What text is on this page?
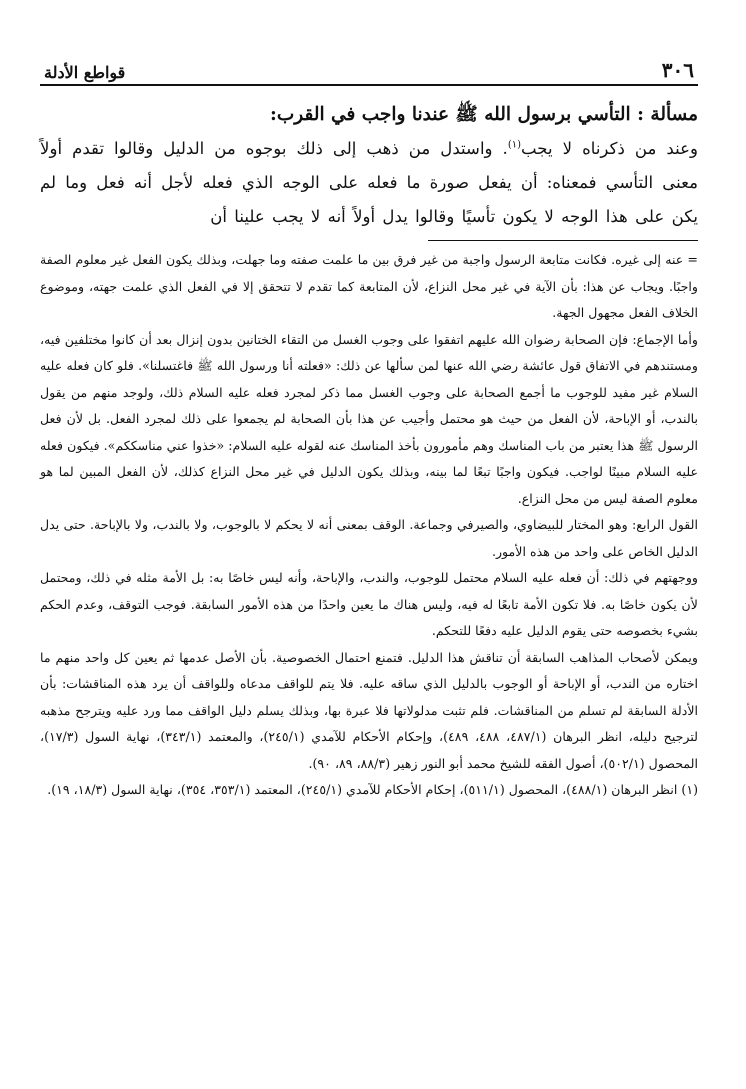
٣٠٦
قواطع الأدلة
مسألة : التأسي برسول الله ﷺ عندنا واجب في القرب:

وعند من ذكرناه لا يجب$^{(١)}$. واستدل من ذهب إلى ذلك بوجوه من الدليل وقالوا تقدم أولاً معنى التأسي فمعناه: أن يفعل صورة ما فعله على الوجه الذي فعله لأجل أنه فعل وما لم يكن على هذا الوجه لا يكون تأسيًا وقالوا يدل أولاً أنه لا يجب علينا أن

= عنه إلى غيره. فكانت متابعة الرسول واجبة من غير فرق بين ما علمت صفته وما جهلت، وبذلك يكون الفعل غير معلوم الصفة واجبًا. ويجاب عن هذا: بأن الآية في غير محل النزاع، لأن المتابعة كما تقدم لا تتحقق إلا في الفعل الذي علمت جهته، وموضوع الخلاف الفعل مجهول الجهة.

وأما الإجماع: فإن الصحابة رضوان الله عليهم اتفقوا على وجوب الغسل من التقاء الختانين بدون إنزال بعد أن كانوا مختلفين فيه، ومستندهم في الاتفاق قول عائشة رضي الله عنها لمن سألها عن ذلك: «فعلته أنا ورسول الله ﷺ فاغتسلنا». فلو كان فعله عليه السلام غير مفيد للوجوب ما أجمع الصحابة على وجوب الغسل مما ذكر لمجرد فعله عليه السلام ذلك، ولوجد منهم من يقول بالندب، أو الإباحة، لأن الفعل من حيث هو محتمل وأجيب عن هذا بأن الصحابة لم يجمعوا على ذلك لمجرد الفعل. بل لأن فعل الرسول ﷺ هذا يعتبر من باب المناسك وهم مأمورون بأخذ المناسك عنه لقوله عليه السلام: «خذوا عني مناسككم». فيكون فعله عليه السلام مبينًا لواجب. فيكون واجبًا تبعًا لما بينه، وبذلك يكون الدليل في غير محل النزاع كذلك، لأن الفعل المبين لما هو معلوم الصفة ليس من محل النزاع.

القول الرابع: وهو المختار للبيضاوي، والصيرفي وجماعة. الوقف بمعنى أنه لا يحكم لا بالوجوب، ولا بالندب، ولا بالإباحة. حتى يدل الدليل الخاص على واحد من هذه الأمور.

ووجهتهم في ذلك: أن فعله عليه السلام محتمل للوجوب، والندب، والإباحة، وأنه ليس خاصًا به: بل الأمة مثله في ذلك، ومحتمل لأن يكون خاصًا به. فلا تكون الأمة تابعًا له فيه، وليس هناك ما يعين واحدًا من هذه الأمور السابقة. فوجب التوقف، وعدم الحكم بشيء بخصوصه حتى يقوم الدليل عليه دفعًا للتحكم.

ويمكن لأصحاب المذاهب السابقة أن تناقش هذا الدليل. فتمنع احتمال الخصوصية. بأن الأصل عدمها ثم يعين كل واحد منهم ما اختاره من الندب، أو الإباحة أو الوجوب بالدليل الذي ساقه عليه. فلا يتم للواقف مدعاه وللواقف أن يرد هذه المناقشات: بأن الأدلة السابقة لم تسلم من المناقشات. فلم تثبت مدلولاتها فلا عبرة بها، وبذلك يسلم دليل الواقف مما ورد عليه ويترجح مذهبه لترجيح دليله، انظر البرهان (٤٨٧/١، ٤٨٨، ٤٨٩)، وإحكام الأحكام للآمدي (٢٤٥/١)، والمعتمد (٣٤٣/١)، نهاية السول (١٧/٣)، المحصول (٥٠٢/١)، أصول الفقه للشيخ محمد أبو النور زهير (٨٨/٣، ٨٩، ٩٠).

(١) انظر البرهان (٤٨٨/١)، المحصول (٥١١/١)، إحكام الأحكام للآمدي (٢٤٥/١)، المعتمد (٣٥٣/١، ٣٥٤)، نهاية السول (١٨/٣، ١٩).
